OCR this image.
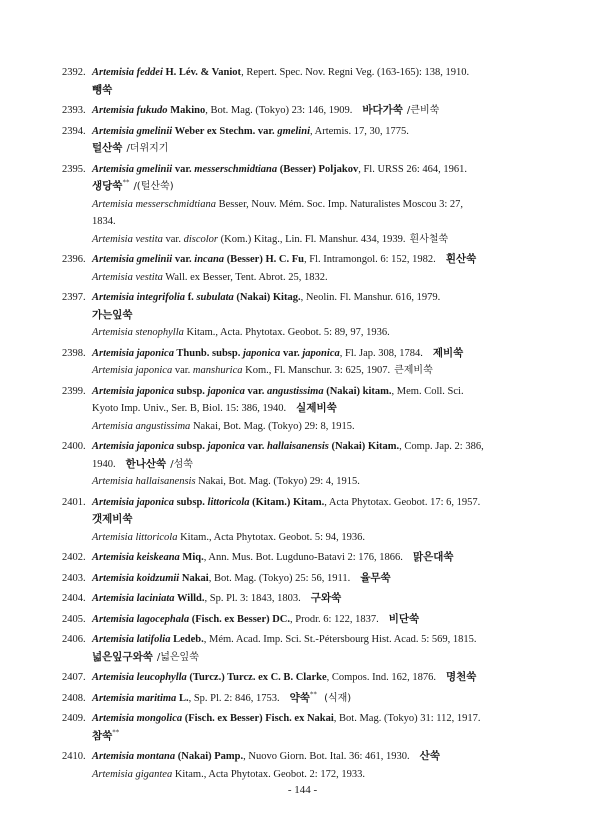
2392. Artemisia feddei H. Lév. & Vaniot, Repert. Spec. Nov. Regni Veg. (163-165): 138, 1910.
뺑쑥
2393. Artemisia fukudo Makino, Bot. Mag. (Tokyo) 23: 146, 1909. 바다가쑥 /큰비쑥
2394. Artemisia gmelinii Weber ex Stechm. var. gmelini, Artemis. 17, 30, 1775.
털산쑥 /더위지기
2395. Artemisia gmelinii var. messerschmidtiana (Besser) Poljakov, Fl. URSS 26: 464, 1961.
생당쑥** /(털산쑥)
Artemisia messerschmidtiana Besser, Nouv. Mém. Soc. Imp. Naturalistes Moscou 3: 27,
1834.
Artemisia vestita var. discolor (Kom.) Kitag., Lin. Fl. Manshur. 434, 1939. 흰사철쑥
2396. Artemisia gmelinii var. incana (Besser) H. C. Fu, Fl. Intramongol. 6: 152, 1982. 흰산쑥
Artemisia vestita Wall. ex Besser, Tent. Abrot. 25, 1832.
2397. Artemisia integrifolia f. subulata (Nakai) Kitag., Neolin. Fl. Manshur. 616, 1979.
가는잎쑥
Artemisia stenophylla Kitam., Acta. Phytotax. Geobot. 5: 89, 97, 1936.
2398. Artemisia japonica Thunb. subsp. japonica var. japonica, Fl. Jap. 308, 1784. 제비쑥
Artemisia japonica var. manshurica Kom., Fl. Manschur. 3: 625, 1907. 큰제비쑥
2399. Artemisia japonica subsp. japonica var. angustissima (Nakai) kitam., Mem. Coll. Sci.
Kyoto Imp. Univ., Ser. B, Biol. 15: 386, 1940. 실제비쑥
Artemisia angustissima Nakai, Bot. Mag. (Tokyo) 29: 8, 1915.
2400. Artemisia japonica subsp. japonica var. hallaisanensis (Nakai) Kitam., Comp. Jap. 2: 386,
1940. 한나산쑥 /섬쑥
Artemisia hallaisanensis Nakai, Bot. Mag. (Tokyo) 29: 4, 1915.
2401. Artemisia japonica subsp. littoricola (Kitam.) Kitam., Acta Phytotax. Geobot. 17: 6, 1957.
갯제비쑥
Artemisia littoricola Kitam., Acta Phytotax. Geobot. 5: 94, 1936.
2402. Artemisia keiskeana Miq., Ann. Mus. Bot. Lugduno-Batavi 2: 176, 1866. 맑은대쑥
2403. Artemisia koidzumii Nakai, Bot. Mag. (Tokyo) 25: 56, 1911. 율무쑥
2404. Artemisia laciniata Willd., Sp. Pl. 3: 1843, 1803. 구와쑥
2405. Artemisia lagocephala (Fisch. ex Besser) DC., Prodr. 6: 122, 1837. 비단쑥
2406. Artemisia latifolia Ledeb., Mém. Acad. Imp. Sci. St.-Pétersbourg Hist. Acad. 5: 569, 1815.
넓은잎구와쑥 /넓은잎쑥
2407. Artemisia leucophylla (Turcz.) Turcz. ex C. B. Clarke, Compos. Ind. 162, 1876. 명천쑥
2408. Artemisia maritima L., Sp. Pl. 2: 846, 1753. 약쑥** (식재)
2409. Artemisia mongolica (Fisch. ex Besser) Fisch. ex Nakai, Bot. Mag. (Tokyo) 31: 112, 1917.
참쑥**
2410. Artemisia montana (Nakai) Pamp., Nuovo Giorn. Bot. Ital. 36: 461, 1930. 산쑥
Artemisia gigantea Kitam., Acta Phytotax. Geobot. 2: 172, 1933.
- 144 -
